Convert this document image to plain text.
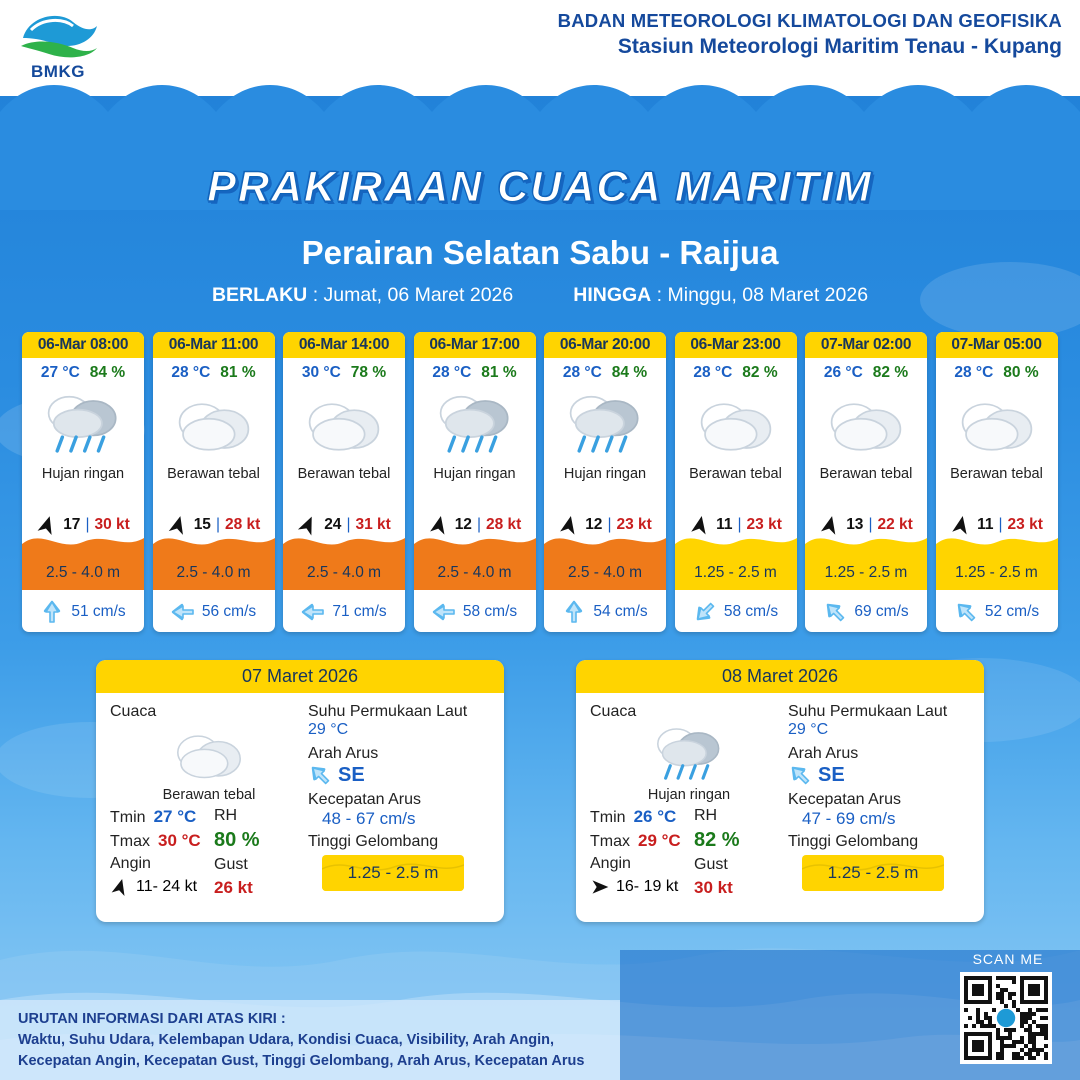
BMKG
BADAN METEOROLOGI KLIMATOLOGI DAN GEOFISIKA
Stasiun Meteorologi Maritim Tenau - Kupang
PRAKIRAAN CUACA MARITIM
Perairan Selatan Sabu - Raijua
BERLAKU : Jumat, 06 Maret 2026	HINGGA : Minggu, 08 Maret 2026
06-Mar 08:00
27 °C 84 %
Hujan ringan
17 | 30 kt
2.5 - 4.0 m
51 cm/s
06-Mar 11:00
28 °C 81 %
Berawan tebal
15 | 28 kt
2.5 - 4.0 m
56 cm/s
06-Mar 14:00
30 °C 78 %
Berawan tebal
24 | 31 kt
2.5 - 4.0 m
71 cm/s
06-Mar 17:00
28 °C 81 %
Hujan ringan
12 | 28 kt
2.5 - 4.0 m
58 cm/s
06-Mar 20:00
28 °C 84 %
Hujan ringan
12 | 23 kt
2.5 - 4.0 m
54 cm/s
06-Mar 23:00
28 °C 82 %
Berawan tebal
11 | 23 kt
1.25 - 2.5 m
58 cm/s
07-Mar 02:00
26 °C 82 %
Berawan tebal
13 | 22 kt
1.25 - 2.5 m
69 cm/s
07-Mar 05:00
28 °C 80 %
Berawan tebal
11 | 23 kt
1.25 - 2.5 m
52 cm/s
07 Maret 2026
Cuaca
Berawan tebal
Tmin 27 °C
Tmax 30 °C
Angin
11- 24 kt
RH
80 %
Gust
26 kt
Suhu Permukaan Laut
29 °C
Arah Arus
SE
Kecepatan Arus
48 - 67 cm/s
Tinggi Gelombang
1.25 - 2.5 m
08 Maret 2026
Cuaca
Hujan ringan
Tmin 26 °C
Tmax 29 °C
Angin
16- 19 kt
RH
82 %
Gust
30 kt
Suhu Permukaan Laut
29 °C
Arah Arus
SE
Kecepatan Arus
47 - 69 cm/s
Tinggi Gelombang
1.25 - 2.5 m
URUTAN INFORMASI DARI ATAS KIRI :
Waktu, Suhu Udara, Kelembapan Udara, Kondisi Cuaca, Visibility, Arah Angin,
Kecepatan Angin, Kecepatan Gust, Tinggi Gelombang, Arah Arus, Kecepatan Arus
SCAN ME
